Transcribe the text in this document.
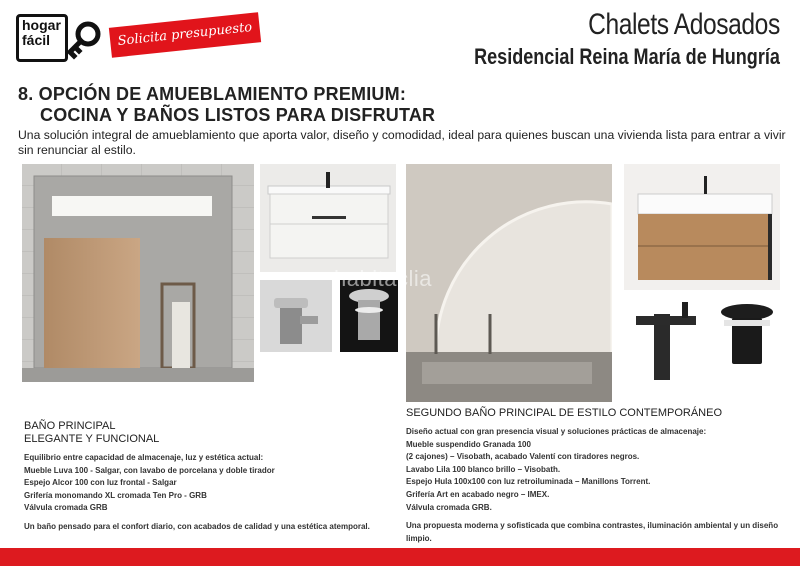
hogar
fácil	Solicita presupuesto	Chalets Adosados
Residencial Reina María de Hungría
8. OPCIÓN DE AMUEBLAMIENTO PREMIUM:
COCINA Y BAÑOS LISTOS PARA DISFRUTAR
Una solución integral de amueblamiento que aporta valor, diseño y comodidad, ideal para quienes buscan una vivienda lista para entrar a vivir sin renunciar al estilo.
habitaclia
BAÑO PRINCIPAL
ELEGANTE Y FUNCIONAL

Equilibrio entre capacidad de almacenaje, luz y estética actual:

Mueble Luva 100 - Salgar, con lavabo de porcelana y doble tirador

Espejo Alcor 100 con luz frontal - Salgar

Grifería monomando XL cromada Ten Pro - GRB

Válvula cromada GRB

Un baño pensado para el confort diario, con acabados de calidad y una estética atemporal.

SEGUNDO BAÑO PRINCIPAL DE ESTILO CONTEMPORÁNEO

Diseño actual con gran presencia visual y soluciones prácticas de almacenaje:

Mueble suspendido Granada 100

(2 cajones) – Visobath, acabado Valentí con tiradores negros.

Lavabo Lila 100 blanco brillo – Visobath.

Espejo Hula 100x100 con luz retroiluminada – Manillons Torrent.

Grifería Art en acabado negro – IMEX.

Válvula cromada GRB.

Una propuesta moderna y sofisticada que combina contrastes, iluminación ambiental y un diseño limpio.
